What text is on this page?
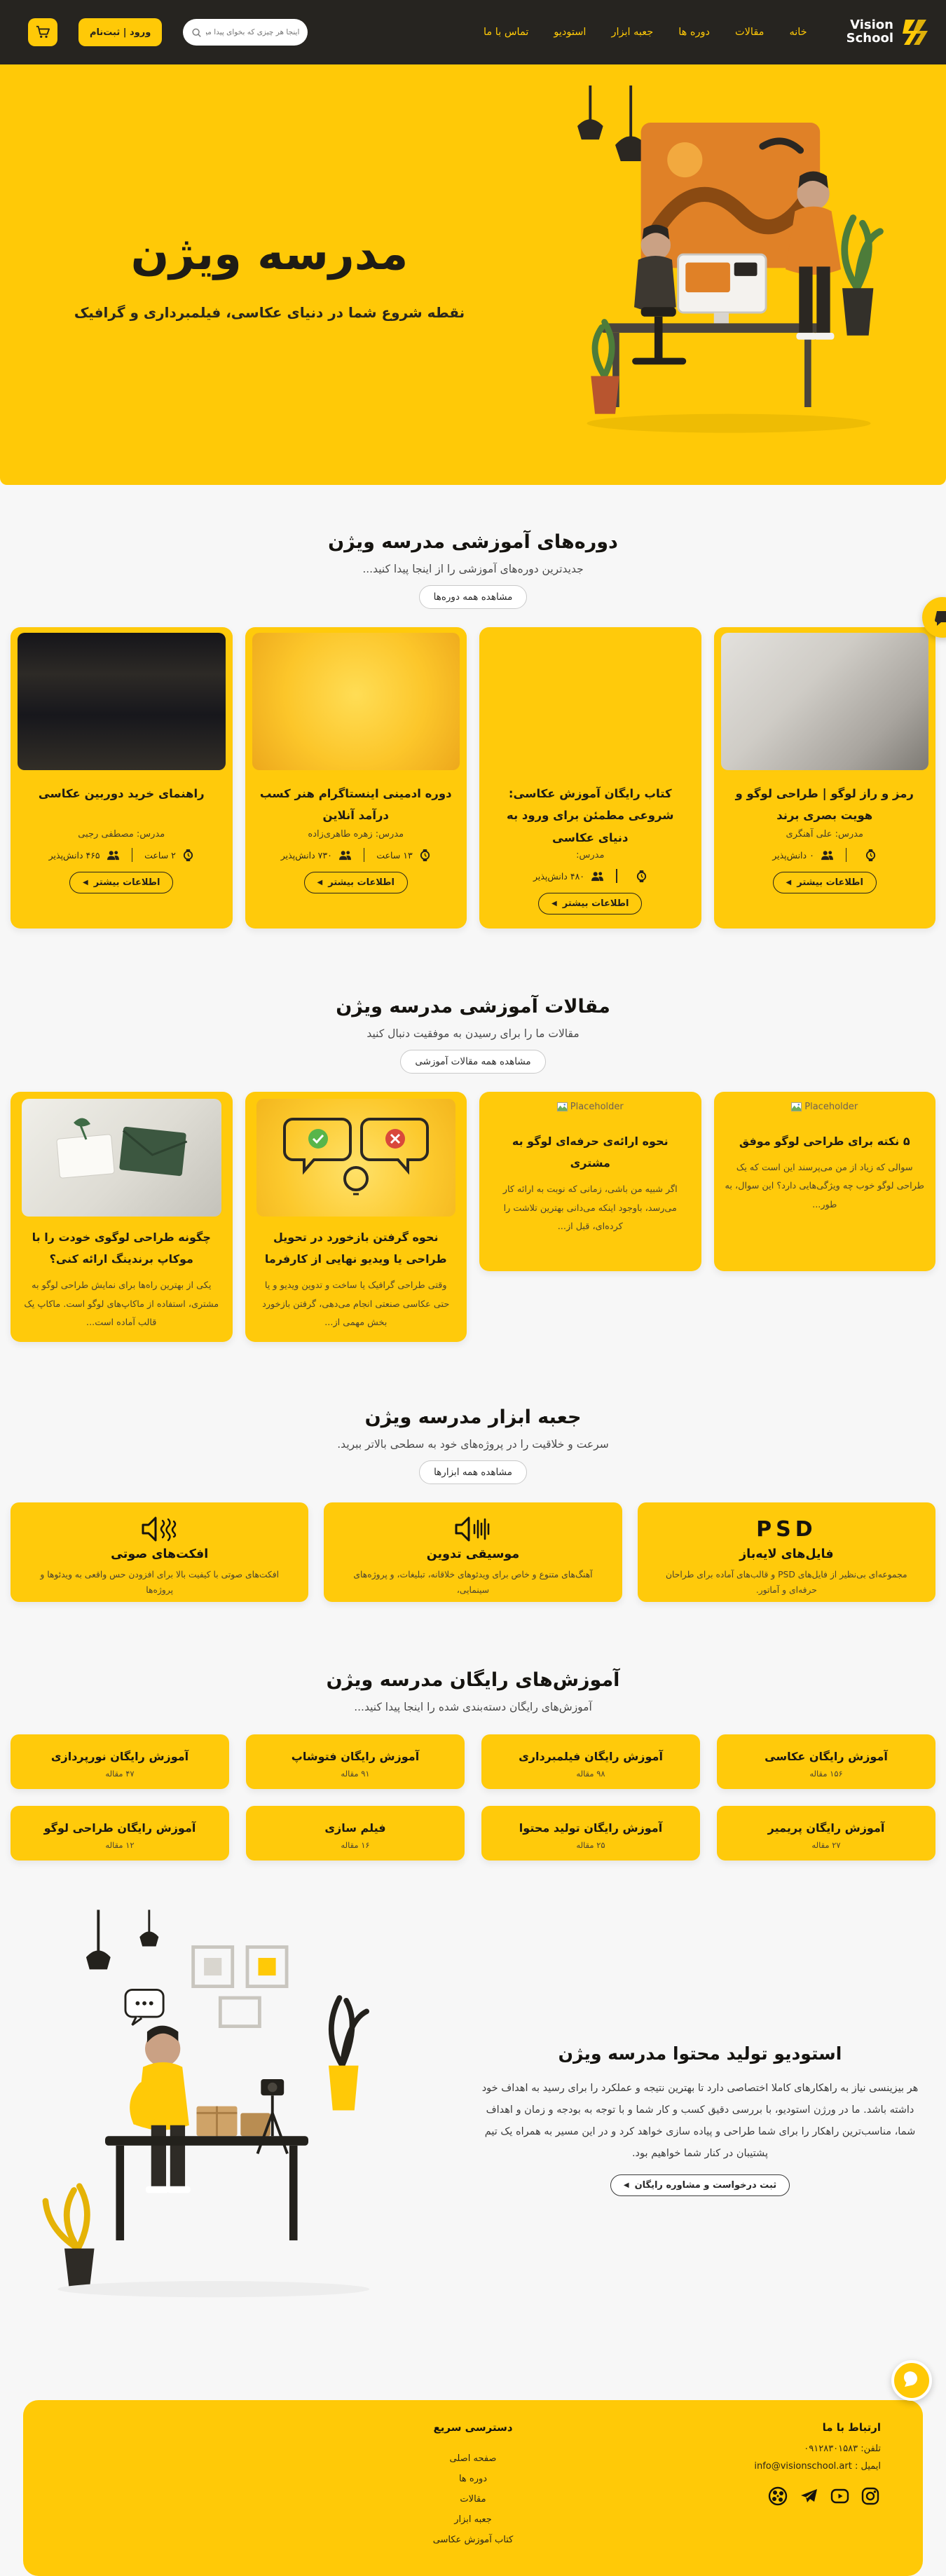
Vision
School
خانه
مقالات
دوره ها
جعبه ابزار
استودیو
تماس با ما
اینجا هر چیزی که بخوای پیدا میشه!
ورود | ثبت‌نام
مدرسه ویژن
نقطه شروع شما در دنیای عکاسی، فیلمبرداری و گرافیک
دوره‌های آموزشی مدرسه ویژن
جدیدترین دوره‌های آموزشی را از اینجا پیدا کنید...
مشاهده همه دوره‌ها
رمز و راز لوگو | طراحی لوگو و هویت بصری برند
مدرس: علی آهنگری
۰ دانش‌پذیر
اطلاعات بیشتر
◀
کتاب رایگان آموزش عکاسی: شروعی مطمئن برای ورود به دنیای عکاسی
مدرس:
۴۸۰ دانش‌پذیر
اطلاعات بیشتر
◀
دوره ادمینی اینستاگرام هنر کسب درآمد آنلاین
مدرس: زهره طاهری‌زاده
۱۳ ساعت
۷۳۰ دانش‌پذیر
اطلاعات بیشتر
◀
راهنمای خرید دوربین عکاسی
مدرس: مصطفی رجبی
۲ ساعت
۴۶۵ دانش‌پذیر
اطلاعات بیشتر
◀
مقالات آموزشی مدرسه ویژن
مقالات ما را برای رسیدن به موفقیت دنبال کنید
مشاهده همه مقالات آموزشی
Placeholder
۵ نکته برای طراحی لوگو موفق

سوالی که زیاد از من می‌پرسند این است که یک طراحی لوگو خوب چه ویژگی‌هایی دارد؟ این سوال، به طور...

Placeholder
نحوه ارائه‌ی حرفه‌ای لوگو به مشتری

اگر شبیه من باشی، زمانی که نوبت به ارائه کار می‌رسد، باوجود اینکه می‌دانی بهترین تلاشت را کرده‌ای، قبل از...

نحوه گرفتن بازخورد در تحویل طراحی یا ویدیو نهایی از کارفرما

وقتی طراحی گرافیک یا ساخت و تدوین ویدیو و یا حتی عکاسی صنعتی انجام می‌دهی، گرفتن بازخورد بخش مهمی از...

چگونه طراحی لوگوی خودت را با موکاپ برندینگ ارائه کنی؟

یکی از بهترین راه‌ها برای نمایش طراحی لوگو به مشتری، استفاده از ماکاپ‌های لوگو است. ماکاپ یک قالب آماده است...

جعبه ابزار مدرسه ویژن
سرعت و خلاقیت را در پروژه‌های خود به سطحی بالاتر ببرید.
مشاهده همه ابزارها
PSD
فایل‌های لایه‌باز

مجموعه‌ای بی‌نظیر از فایل‌های PSD و قالب‌های آماده برای طراحان حرفه‌ای و آماتور.

موسیقی تدوین

آهنگ‌های متنوع و خاص برای ویدئوهای خلاقانه، تبلیغات، و پروژه‌های سینمایی،

افکت‌های صوتی

افکت‌های صوتی با کیفیت بالا برای افزودن حس واقعی به ویدئوها و پروژه‌ها

آموزش‌های رایگان مدرسه ویژن
آموزش‌های رایگان دسته‌بندی شده را اینجا پیدا کنید...
آموزش رایگان عکاسی
۱۵۶ مقاله
آموزش رایگان فیلمبرداری
۹۸ مقاله
آموزش رایگان فتوشاپ
۹۱ مقاله
آموزش رایگان نورپردازی
۴۷ مقاله
آموزش رایگان پریمیر
۲۷ مقاله
آموزش رایگان تولید محتوا
۲۵ مقاله
فیلم سازی
۱۶ مقاله
آموزش رایگان طراحی لوگو
۱۲ مقاله
استودیو تولید محتوا مدرسه ویژن

هر بیزینسی نیاز به راهکارهای کاملا اختصاصی دارد تا بهترین نتیجه و عملکرد را برای رسید به اهداف خود داشته باشد. ما در ورژن استودیو، با بررسی دقیق کسب و کار شما و با توجه به بودجه و زمان و اهداف شما، مناسب‌ترین راهکار را برای شما طراحی و پیاده سازی خواهد کرد و در این مسیر به همراه یک تیم پشتیبان در کنار شما خواهیم بود.

ثبت درخواست و مشاوره رایگان
◀
ارتباط با ما
تلفن: ۰۹۱۲۸۳۰۱۵۸۳
ایمیل : info@visionschool.art
دسترسی سریع
صفحه اصلی
دوره ها
مقالات
جعبه ابزار
کتاب آموزش عکاسی
